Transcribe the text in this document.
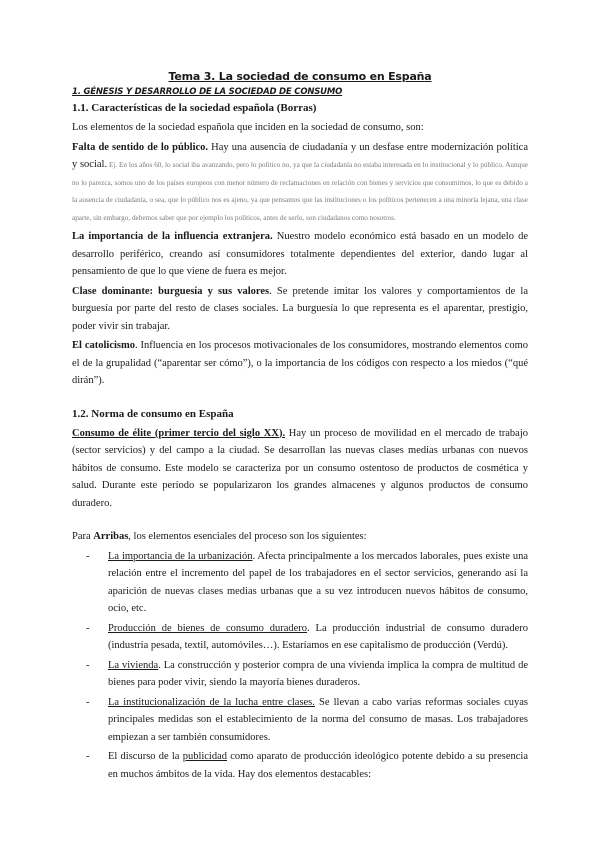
Tema 3. La sociedad de consumo en España
1. GÉNESIS Y DESARROLLO DE LA SOCIEDAD DE CONSUMO
1.1. Características de la sociedad española (Borras)

Los elementos de la sociedad española que inciden en la sociedad de consumo, son:

Falta de sentido de lo público. Hay una ausencia de ciudadanía y un desfase entre modernización política y social. Ej. En los años 60, lo social iba avanzando, pero lo político no, ya que la ciudadanía no estaba interesada en lo institucional y lo público. Aunque no lo parezca, somos uno de los países europeos con menor número de reclamaciones en relación con bienes y servicios que consumimos, lo que es debido a la ausencia de ciudadanía, o sea, que lo público nos es ajeno, ya que pensamos que las instituciones o los políticos pertenecen a una minoría lejana, una clase aparte, sin embargo, debemos saber que por ejemplo los políticos, antes de serlo, son ciudadanos como nosotros.

La importancia de la influencia extranjera. Nuestro modelo económico está basado en un modelo de desarrollo periférico, creando así consumidores totalmente dependientes del exterior, dando lugar al pensamiento de que lo que viene de fuera es mejor.

Clase dominante: burguesía y sus valores. Se pretende imitar los valores y comportamientos de la burguesía por parte del resto de clases sociales. La burguesía lo que representa es el aparentar, prestigio, poder vivir sin trabajar.

El catolicismo. Influencia en los procesos motivacionales de los consumidores, mostrando elementos como el de la grupalidad (“aparentar ser cómo”), o la importancia de los códigos con respecto a los miedos (“qué dirán”).

1.2. Norma de consumo en España

Consumo de élite (primer tercio del siglo XX). Hay un proceso de movilidad en el mercado de trabajo (sector servicios) y del campo a la ciudad. Se desarrollan las nuevas clases medias urbanas con nuevos hábitos de consumo. Este modelo se caracteriza por un consumo ostentoso de productos de cosmética y salud. Durante este período se popularizaron los grandes almacenes y algunos productos de consumo duradero.

Para Arribas, los elementos esenciales del proceso son los siguientes:

- La importancia de la urbanización. Afecta principalmente a los mercados laborales, pues existe una relación entre el incremento del papel de los trabajadores en el sector servicios, generando así la aparición de nuevas clases medias urbanas que a su vez introducen nuevos hábitos de consumo, ocio, etc.
- Producción de bienes de consumo duradero. La producción industrial de consumo duradero (industria pesada, textil, automóviles…). Estaríamos en ese capitalismo de producción (Verdú).
- La vivienda. La construcción y posterior compra de una vivienda implica la compra de multitud de bienes para poder vivir, siendo la mayoría bienes duraderos.
- La institucionalización de la lucha entre clases. Se llevan a cabo varias reformas sociales cuyas principales medidas son el establecimiento de la norma del consumo de masas. Los trabajadores empiezan a ser también consumidores.
- El discurso de la publicidad como aparato de producción ideológico potente debido a su presencia en muchos ámbitos de la vida. Hay dos elementos destacables:
